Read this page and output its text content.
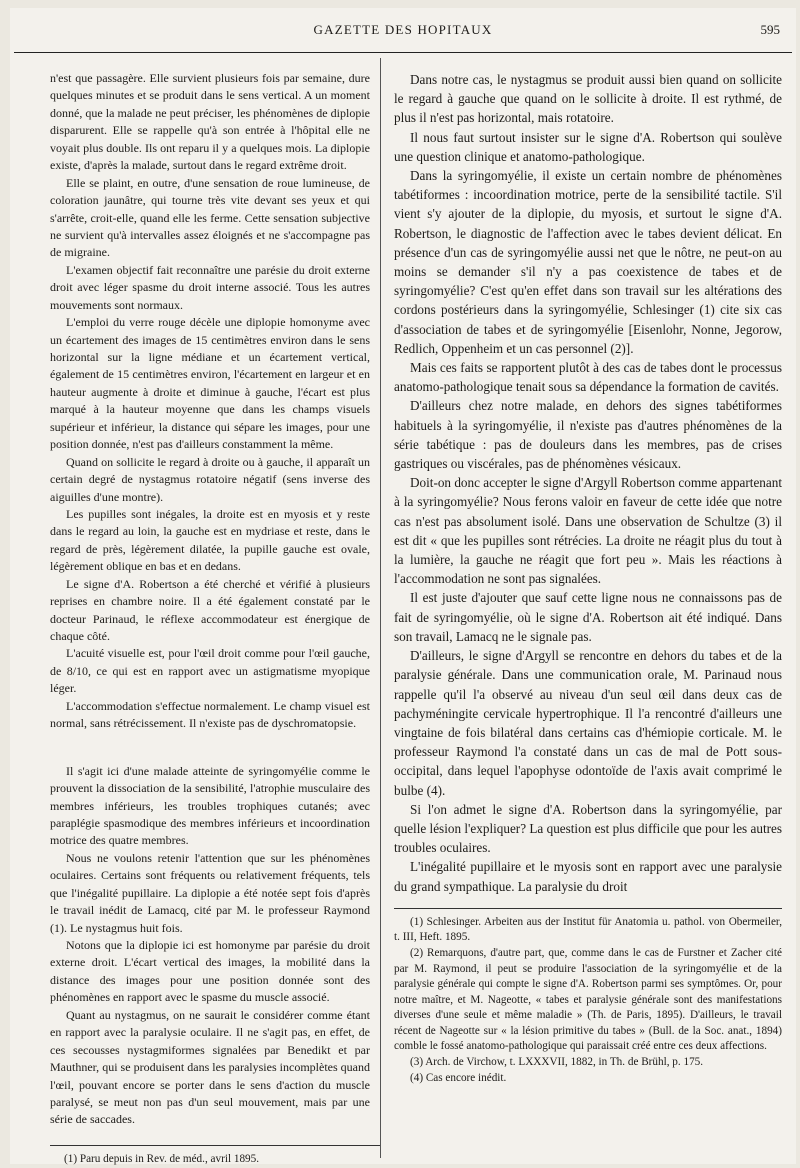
GAZETTE DES HOPITAUX	595

n'est que passagère. Elle survient plusieurs fois par semaine, dure quelques minutes et se produit dans le sens vertical. A un moment donné, que la malade ne peut préciser, les phénomènes de diplopie disparurent. Elle se rappelle qu'à son entrée à l'hôpital elle ne voyait plus double. Ils ont reparu il y a quelques mois. La diplopie existe, d'après la malade, surtout dans le regard extrême droit.

Elle se plaint, en outre, d'une sensation de roue lumineuse, de coloration jaunâtre, qui tourne très vite devant ses yeux et qui s'arrête, croit-elle, quand elle les ferme. Cette sensation subjective ne survient qu'à intervalles assez éloignés et ne s'accompagne pas de migraine.

L'examen objectif fait reconnaître une parésie du droit externe droit avec léger spasme du droit interne associé. Tous les autres mouvements sont normaux.

L'emploi du verre rouge décèle une diplopie homonyme avec un écartement des images de 15 centimètres environ dans le sens horizontal sur la ligne médiane et un écartement vertical, également de 15 centimètres environ, l'écartement en largeur et en hauteur augmente à droite et diminue à gauche, l'écart est plus marqué à la hauteur moyenne que dans les champs visuels supérieur et inférieur, la distance qui sépare les images, pour une position donnée, n'est pas d'ailleurs constamment la même.

Quand on sollicite le regard à droite ou à gauche, il apparaît un certain degré de nystagmus rotatoire négatif (sens inverse des aiguilles d'une montre).

Les pupilles sont inégales, la droite est en myosis et y reste dans le regard au loin, la gauche est en mydriase et reste, dans le regard de près, légèrement dilatée, la pupille gauche est ovale, légèrement oblique en bas et en dedans.

Le signe d'A. Robertson a été cherché et vérifié à plusieurs reprises en chambre noire. Il a été également constaté par le docteur Parinaud, le réflexe accommodateur est énergique de chaque côté.

L'acuité visuelle est, pour l'œil droit comme pour l'œil gauche, de 8/10, ce qui est en rapport avec un astigmatisme myopique léger.

L'accommodation s'effectue normalement. Le champ visuel est normal, sans rétrécissement. Il n'existe pas de dyschromatopsie.

Il s'agit ici d'une malade atteinte de syringomyélie comme le prouvent la dissociation de la sensibilité, l'atrophie musculaire des membres inférieurs, les troubles trophiques cutanés; avec paraplégie spasmodique des membres inférieurs et incoordination motrice des quatre membres.

Nous ne voulons retenir l'attention que sur les phénomènes oculaires. Certains sont fréquents ou relativement fréquents, tels que l'inégalité pupillaire. La diplopie a été notée sept fois d'après le travail inédit de Lamacq, cité par M. le professeur Raymond (1). Le nystagmus huit fois.

Notons que la diplopie ici est homonyme par parésie du droit externe droit. L'écart vertical des images, la mobilité dans la distance des images pour une position donnée sont des phénomènes en rapport avec le spasme du muscle associé.

Quant au nystagmus, on ne saurait le considérer comme étant en rapport avec la paralysie oculaire. Il ne s'agit pas, en effet, de ces secousses nystagmiformes signalées par Benedikt et par Mauthner, qui se produisent dans les paralysies incomplètes quand l'œil, pouvant encore se porter dans le sens d'action du muscle paralysé, se meut non pas d'un seul mouvement, mais par une série de saccades.

(1) Paru depuis in Rev. de méd., avril 1895.

Dans notre cas, le nystagmus se produit aussi bien quand on sollicite le regard à gauche que quand on le sollicite à droite. Il est rythmé, de plus il n'est pas horizontal, mais rotatoire.

Il nous faut surtout insister sur le signe d'A. Robertson qui soulève une question clinique et anatomo-pathologique.

Dans la syringomyélie, il existe un certain nombre de phénomènes tabétiformes : incoordination motrice, perte de la sensibilité tactile. S'il vient s'y ajouter de la diplopie, du myosis, et surtout le signe d'A. Robertson, le diagnostic de l'affection avec le tabes devient délicat. En présence d'un cas de syringomyélie aussi net que le nôtre, ne peut-on au moins se demander s'il n'y a pas coexistence de tabes et de syringomyélie? C'est qu'en effet dans son travail sur les altérations des cordons postérieurs dans la syringomyélie, Schlesinger (1) cite six cas d'association de tabes et de syringomyélie [Eisenlohr, Nonne, Jegorow, Redlich, Oppenheim et un cas personnel (2)].

Mais ces faits se rapportent plutôt à des cas de tabes dont le processus anatomo-pathologique tenait sous sa dépendance la formation de cavités.

D'ailleurs chez notre malade, en dehors des signes tabétiformes habituels à la syringomyélie, il n'existe pas d'autres phénomènes de la série tabétique : pas de douleurs dans les membres, pas de crises gastriques ou viscérales, pas de phénomènes vésicaux.

Doit-on donc accepter le signe d'Argyll Robertson comme appartenant à la syringomyélie? Nous ferons valoir en faveur de cette idée que notre cas n'est pas absolument isolé. Dans une observation de Schultze (3) il est dit « que les pupilles sont rétrécies. La droite ne réagit plus du tout à la lumière, la gauche ne réagit que fort peu ». Mais les réactions à l'accommodation ne sont pas signalées.

Il est juste d'ajouter que sauf cette ligne nous ne connaissons pas de fait de syringomyélie, où le signe d'A. Robertson ait été indiqué. Dans son travail, Lamacq ne le signale pas.

D'ailleurs, le signe d'Argyll se rencontre en dehors du tabes et de la paralysie générale. Dans une communication orale, M. Parinaud nous rappelle qu'il l'a observé au niveau d'un seul œil dans deux cas de pachyméningite cervicale hypertrophique. Il l'a rencontré d'ailleurs une vingtaine de fois bilatéral dans certains cas d'hémiopie corticale. M. le professeur Raymond l'a constaté dans un cas de mal de Pott sous-occipital, dans lequel l'apophyse odontoïde de l'axis avait comprimé le bulbe (4).

Si l'on admet le signe d'A. Robertson dans la syringomyélie, par quelle lésion l'expliquer? La question est plus difficile que pour les autres troubles oculaires.

L'inégalité pupillaire et le myosis sont en rapport avec une paralysie du grand sympathique. La paralysie du droit

(1) Schlesinger. Arbeiten aus der Institut für Anatomia u. pathol. von Obermeiler, t. III, Heft. 1895.

(2) Remarquons, d'autre part, que, comme dans le cas de Furstner et Zacher cité par M. Raymond, il peut se produire l'association de la syringomyélie et de la paralysie générale qui compte le signe d'A. Robertson parmi ses symptômes. Or, pour notre maître, et M. Nageotte, « tabes et paralysie générale sont des manifestations diverses d'une seule et même maladie » (Th. de Paris, 1895). D'ailleurs, le travail récent de Nageotte sur « la lésion primitive du tabes » (Bull. de la Soc. anat., 1894) comble le fossé anatomo-pathologique qui paraissait créé entre ces deux affections.

(3) Arch. de Virchow, t. LXXXVII, 1882, in Th. de Brühl, p. 175.

(4) Cas encore inédit.
